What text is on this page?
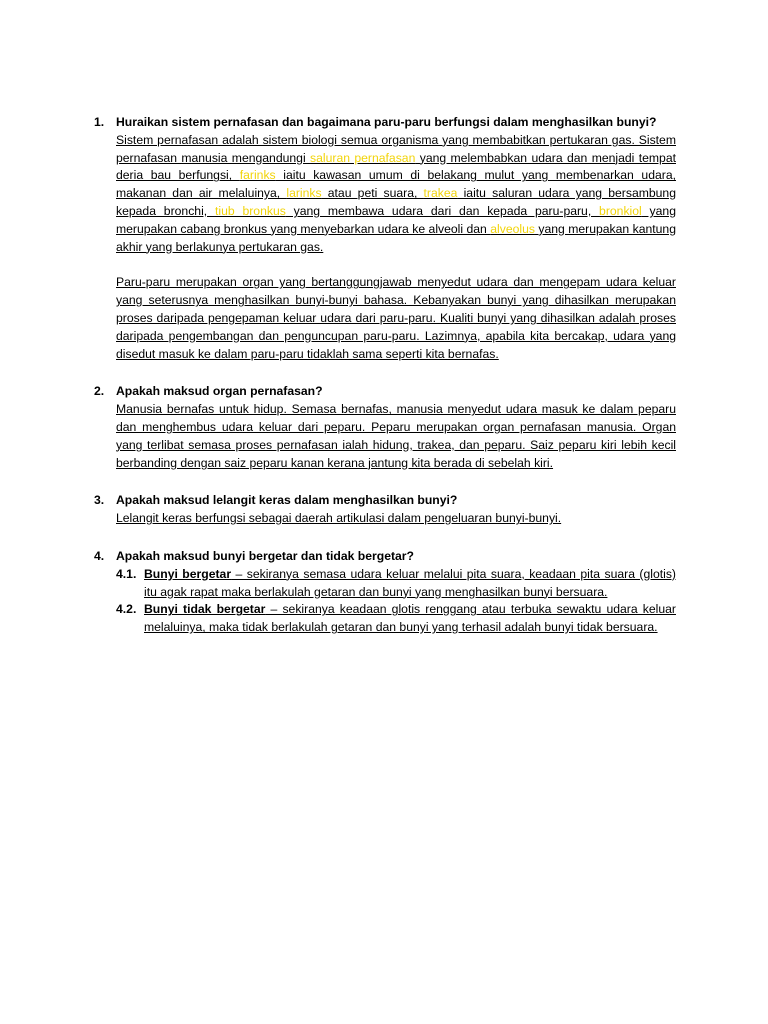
1. Huraikan sistem pernafasan dan bagaimana paru-paru berfungsi dalam menghasilkan bunyi?
Sistem pernafasan adalah sistem biologi semua organisma yang membabitkan pertukaran gas. Sistem pernafasan manusia mengandungi saluran pernafasan yang melembabkan udara dan menjadi tempat deria bau berfungsi, farinks iaitu kawasan umum di belakang mulut yang membenarkan udara, makanan dan air melaluinya, larinks atau peti suara, trakea iaitu saluran udara yang bersambung kepada bronchi, tiub bronkus yang membawa udara dari dan kepada paru-paru, bronkiol yang merupakan cabang bronkus yang menyebarkan udara ke alveoli dan alveolus yang merupakan kantung akhir yang berlakunya pertukaran gas.
Paru-paru merupakan organ yang bertanggungjawab menyedut udara dan mengepam udara keluar yang seterusnya menghasilkan bunyi-bunyi bahasa. Kebanyakan bunyi yang dihasilkan merupakan proses daripada pengepaman keluar udara dari paru-paru. Kualiti bunyi yang dihasilkan adalah proses daripada pengembangan dan penguncupan paru-paru. Lazimnya, apabila kita bercakap, udara yang disedut masuk ke dalam paru-paru tidaklah sama seperti kita bernafas.
2. Apakah maksud organ pernafasan?
Manusia bernafas untuk hidup. Semasa bernafas, manusia menyedut udara masuk ke dalam peparu dan menghembus udara keluar dari peparu. Peparu merupakan organ pernafasan manusia. Organ yang terlibat semasa proses pernafasan ialah hidung, trakea, dan peparu. Saiz peparu kiri lebih kecil berbanding dengan saiz peparu kanan kerana jantung kita berada di sebelah kiri.
3. Apakah maksud lelangit keras dalam menghasilkan bunyi?
Lelangit keras berfungsi sebagai daerah artikulasi dalam pengeluaran bunyi-bunyi.
4. Apakah maksud bunyi bergetar dan tidak bergetar?
4.1. Bunyi bergetar – sekiranya semasa udara keluar melalui pita suara, keadaan pita suara (glotis) itu agak rapat maka berlakulah getaran dan bunyi yang menghasilkan bunyi bersuara.
4.2. Bunyi tidak bergetar – sekiranya keadaan glotis renggang atau terbuka sewaktu udara keluar melaluinya, maka tidak berlakulah getaran dan bunyi yang terhasil adalah bunyi tidak bersuara.
